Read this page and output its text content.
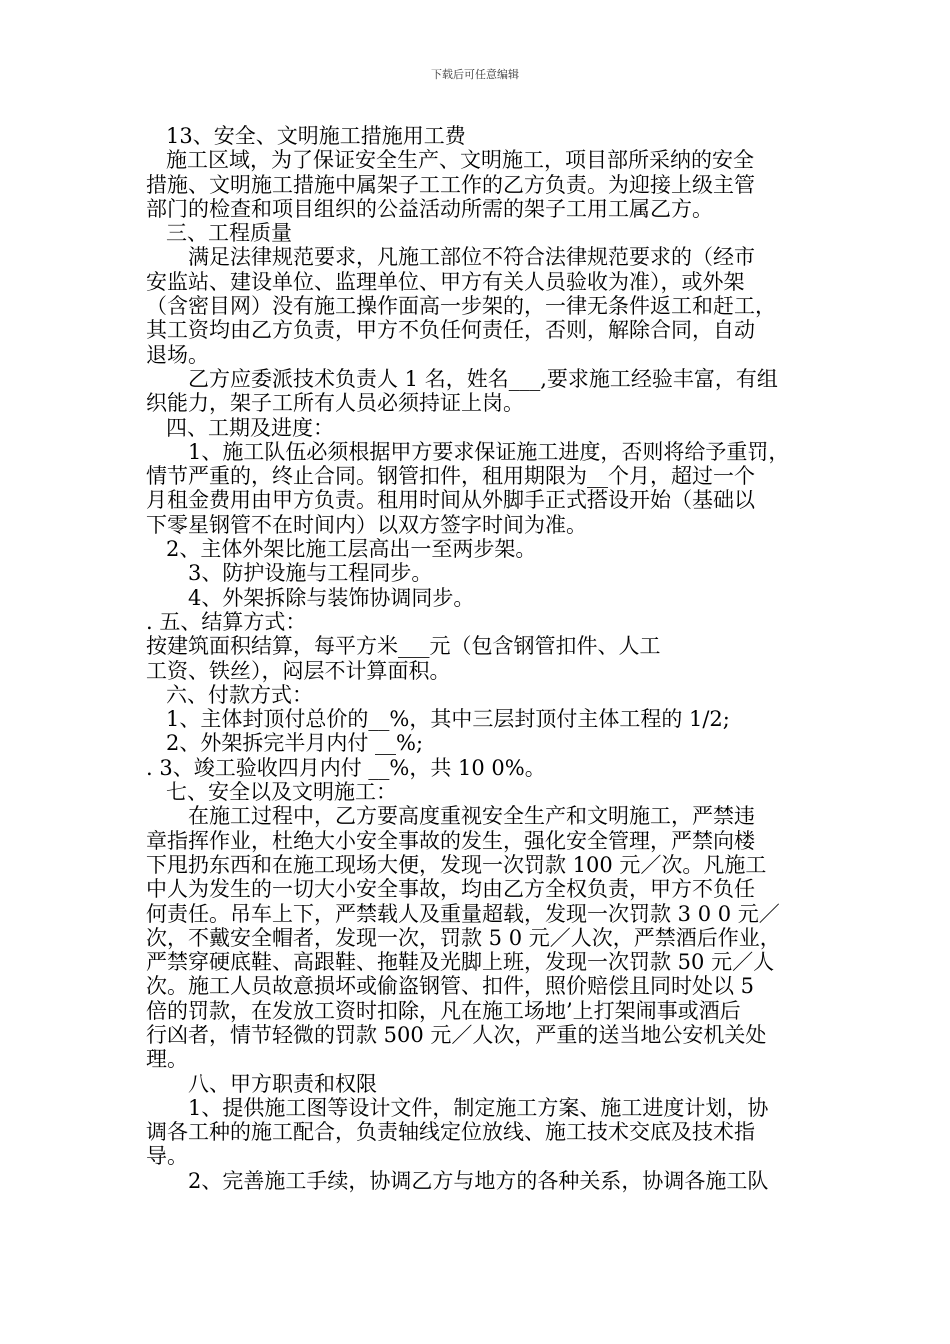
下载后可任意编辑
13、安全、文明施工措施用工费
施工区域，为了保证安全生产、文明施工，项目部所采纳的安全
措施、文明施工措施中属架子工工作的乙方负责。为迎接上级主管
部门的检查和项目组织的公益活动所需的架子工用工属乙方。
三、工程质量
满足法律规范要求，凡施工部位不符合法律规范要求的（经市
安监站、建设单位、监理单位、甲方有关人员验收为准），或外架
（含密目网）没有施工操作面高一步架的，一律无条件返工和赶工，
其工资均由乙方负责，甲方不负任何责任，否则，解除合同，自动
退场。
乙方应委派技术负责人 1 名，姓名___,要求施工经验丰富，有组
织能力，架子工所有人员必须持证上岗。
四、工期及进度：
1、施工队伍必须根据甲方要求保证施工进度，否则将给予重罚，
情节严重的，终止合同。钢管扣件，租用期限为__个月，超过一个
月租金费用由甲方负责。租用时间从外脚手正式搭设开始（基础以
下零星钢管不在时间内）以双方签字时间为准。
2、主体外架比施工层高出一至两步架。
3、防护设施与工程同步。
4、外架拆除与装饰协调同步。
. 五、结算方式：
按建筑面积结算，每平方米___元（包含钢管扣件、人工
工资、铁丝），闷层不计算面积。
六、付款方式：
1、主体封顶付总价的__%，其中三层封顶付主体工程的 1/2;
2、外架拆完半月内付 __%;
. 3、竣工验收四月内付 __%，共 10 0%。
七、安全以及文明施工：
在施工过程中，乙方要高度重视安全生产和文明施工，严禁违
章指挥作业，杜绝大小安全事故的发生，强化安全管理，严禁向楼
下甩扔东西和在施工现场大便，发现一次罚款 100 元／次。凡施工
中人为发生的一切大小安全事故，均由乙方全权负责，甲方不负任
何责任。吊车上下，严禁载人及重量超载，发现一次罚款 3 0 0 元／
次，不戴安全帽者，发现一次，罚款 5 0 元／人次，严禁酒后作业，
严禁穿硬底鞋、高跟鞋、拖鞋及光脚上班，发现一次罚款 50 元／人
次。施工人员故意损坏或偷盗钢管、扣件，照价赔偿且同时处以 5
倍的罚款，在发放工资时扣除，凡在施工场地’上打架闹事或酒后
行凶者，情节轻微的罚款 500 元／人次，严重的送当地公安机关处
理。
八、甲方职责和权限
1、提供施工图等设计文件，制定施工方案、施工进度计划，协
调各工种的施工配合，负责轴线定位放线、施工技术交底及技术指
导。
2、完善施工手续，协调乙方与地方的各种关系，协调各施工队
